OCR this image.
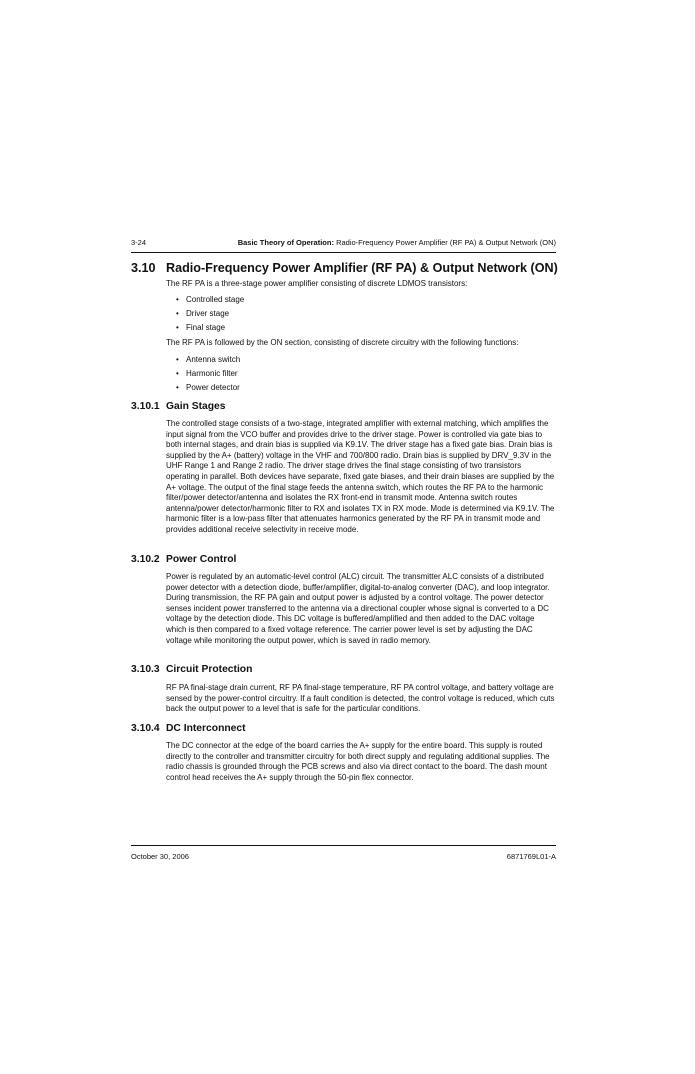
3-24	Basic Theory of Operation: Radio-Frequency Power Amplifier (RF PA) & Output Network (ON)
3.10 Radio-Frequency Power Amplifier (RF PA) & Output Network (ON)

The RF PA is a three-stage power amplifier consisting of discrete LDMOS transistors:

• Controlled stage
• Driver stage
• Final stage

The RF PA is followed by the ON section, consisting of discrete circuitry with the following functions:

• Antenna switch
• Harmonic filter
• Power detector
3.10.1 Gain Stages

The controlled stage consists of a two-stage, integrated amplifier with external matching, which amplifies the input signal from the VCO buffer and provides drive to the driver stage. Power is controlled via gate bias to both internal stages, and drain bias is supplied via K9.1V. The driver stage has a fixed gate bias. Drain bias is supplied by the A+ (battery) voltage in the VHF and 700/800 radio. Drain bias is supplied by DRV_9.3V in the UHF Range 1 and Range 2 radio. The driver stage drives the final stage consisting of two transistors operating in parallel. Both devices have separate, fixed gate biases, and their drain biases are supplied by the A+ voltage. The output of the final stage feeds the antenna switch, which routes the RF PA to the harmonic filter/power detector/antenna and isolates the RX front-end in transmit mode. Antenna switch routes antenna/power detector/harmonic filter to RX and isolates TX in RX mode. Mode is determined via K9.1V. The harmonic filter is a low-pass filter that attenuates harmonics generated by the RF PA in transmit mode and provides additional receive selectivity in receive mode.

3.10.2 Power Control

Power is regulated by an automatic-level control (ALC) circuit. The transmitter ALC consists of a distributed power detector with a detection diode, buffer/amplifier, digital-to-analog converter (DAC), and loop integrator. During transmission, the RF PA gain and output power is adjusted by a control voltage. The power detector senses incident power transferred to the antenna via a directional coupler whose signal is converted to a DC voltage by the detection diode. This DC voltage is buffered/amplified and then added to the DAC voltage which is then compared to a fixed voltage reference. The carrier power level is set by adjusting the DAC voltage while monitoring the output power, which is saved in radio memory.

3.10.3 Circuit Protection

RF PA final-stage drain current, RF PA final-stage temperature, RF PA control voltage, and battery voltage are sensed by the power-control circuitry. If a fault condition is detected, the control voltage is reduced, which cuts back the output power to a level that is safe for the particular conditions.

3.10.4 DC Interconnect

The DC connector at the edge of the board carries the A+ supply for the entire board. This supply is routed directly to the controller and transmitter circuitry for both direct supply and regulating additional supplies. The radio chassis is grounded through the PCB screws and also via direct contact to the board. The dash mount control head receives the A+ supply through the 50-pin flex connector.

October 30, 2006	6871769L01-A
